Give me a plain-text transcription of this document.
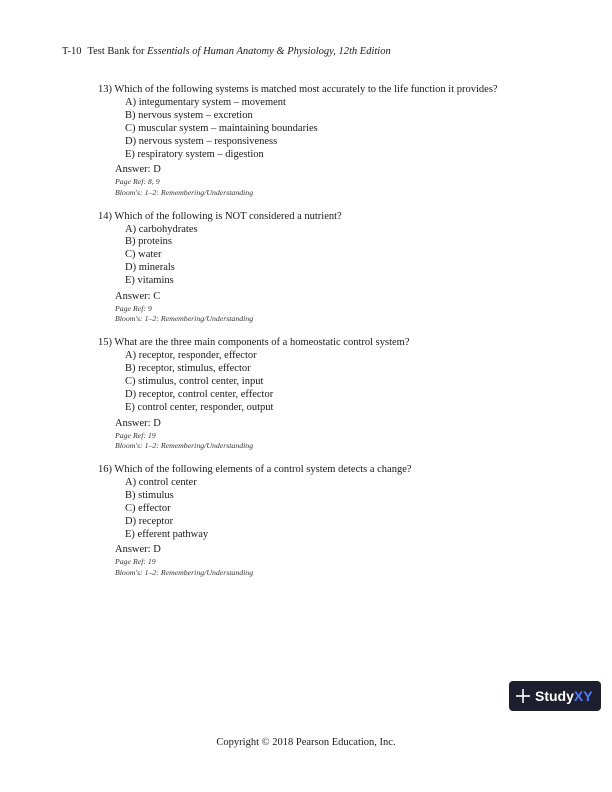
T-10 Test Bank for Essentials of Human Anatomy & Physiology, 12th Edition
13) Which of the following systems is matched most accurately to the life function it provides?
A) integumentary system – movement
B) nervous system – excretion
C) muscular system – maintaining boundaries
D) nervous system – responsiveness
E) respiratory system – digestion
Answer: D
Page Ref: 8, 9
Bloom's: 1–2: Remembering/Understanding
14) Which of the following is NOT considered a nutrient?
A) carbohydrates
B) proteins
C) water
D) minerals
E) vitamins
Answer: C
Page Ref: 9
Bloom's: 1–2: Remembering/Understanding
15) What are the three main components of a homeostatic control system?
A) receptor, responder, effector
B) receptor, stimulus, effector
C) stimulus, control center, input
D) receptor, control center, effector
E) control center, responder, output
Answer: D
Page Ref: 19
Bloom's: 1–2: Remembering/Understanding
16) Which of the following elements of a control system detects a change?
A) control center
B) stimulus
C) effector
D) receptor
E) efferent pathway
Answer: D
Page Ref: 19
Bloom's: 1–2: Remembering/Understanding
Study XY
Copyright © 2018 Pearson Education, Inc.
